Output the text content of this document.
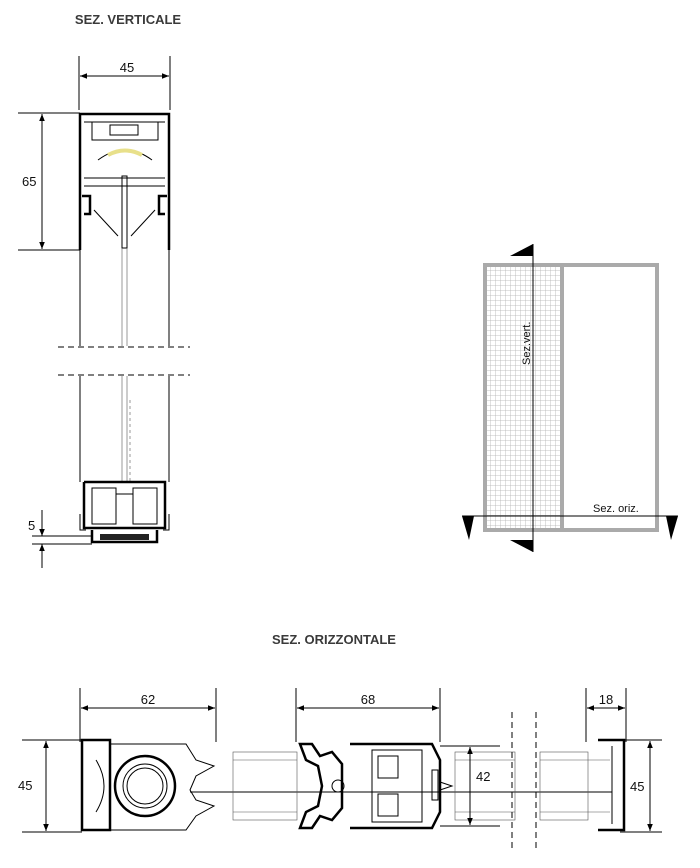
SEZ. VERTICALE
SEZ. ORIZZONTALE
45
65
5
Sez.vert.
Sez. oriz.
62
45
68
42
18
45
